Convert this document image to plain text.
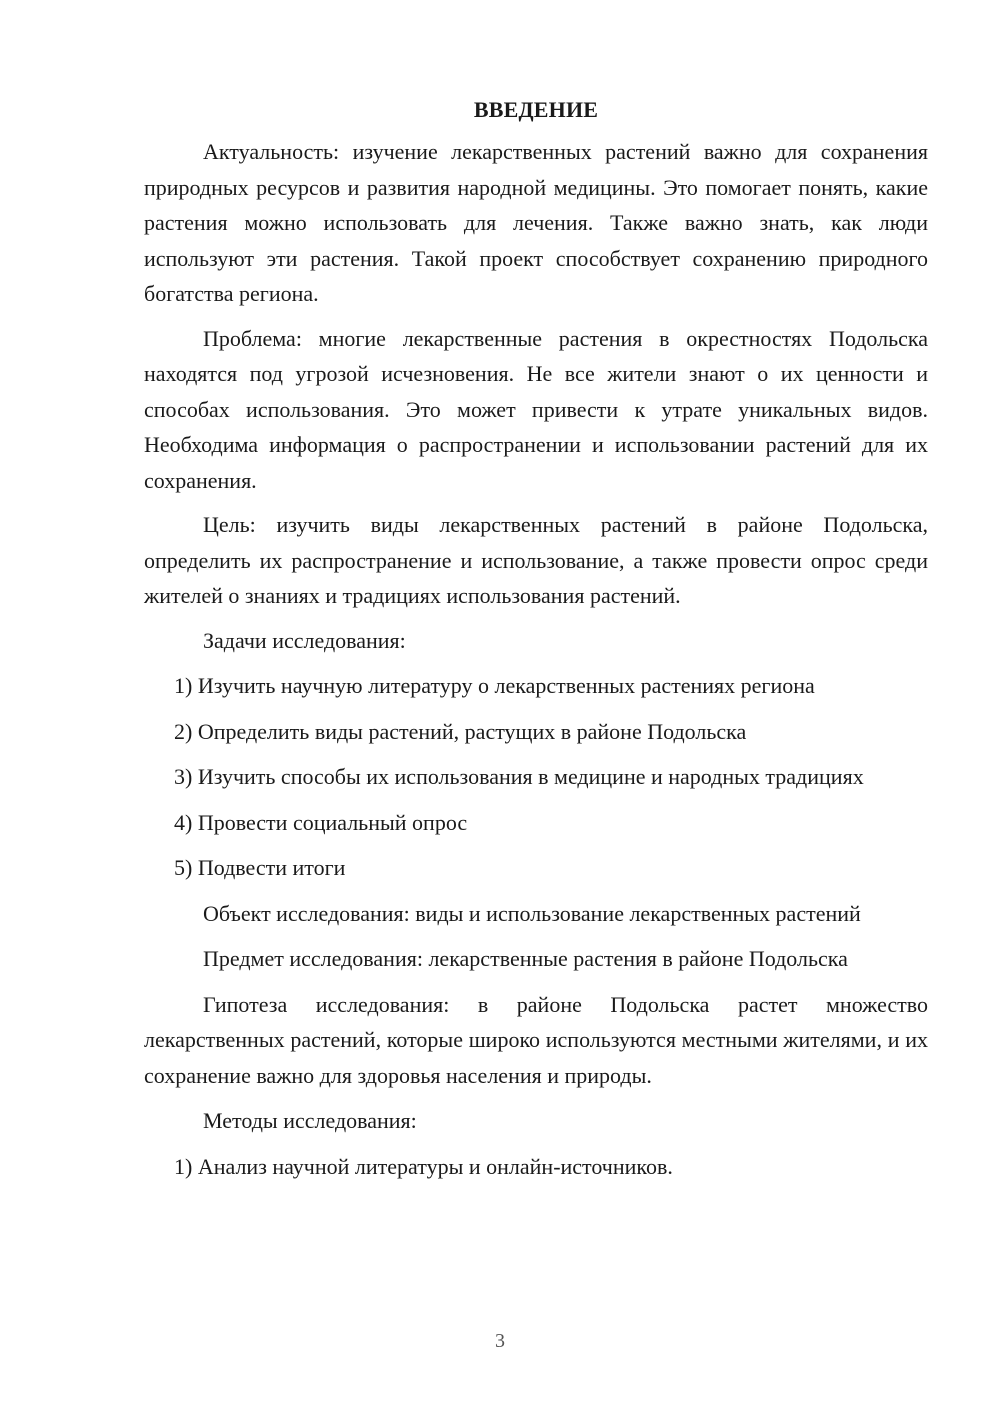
ВВЕДЕНИЕ

Актуальность: изучение лекарственных растений важно для сохранения природных ресурсов и развития народной медицины. Это помогает понять, какие растения можно использовать для лечения. Также важно знать, как люди используют эти растения. Такой проект способствует сохранению природного богатства региона.

Проблема: многие лекарственные растения в окрестностях Подольска находятся под угрозой исчезновения. Не все жители знают о их ценности и способах использования. Это может привести к утрате уникальных видов. Необходима информация о распространении и использовании растений для их сохранения.

Цель: изучить виды лекарственных растений в районе Подольска, определить их распространение и использование, а также провести опрос среди жителей о знаниях и традициях использования растений.

Задачи исследования:

1) Изучить научную литературу о лекарственных растениях региона

2) Определить виды растений, растущих в районе Подольска

3) Изучить способы их использования в медицине и народных традициях

4) Провести социальный опрос

5) Подвести итоги

Объект исследования: виды и использование лекарственных растений

Предмет исследования: лекарственные растения в районе Подольска

Гипотеза исследования: в районе Подольска растет множество лекарственных растений, которые широко используются местными жителями, и их сохранение важно для здоровья населения и природы.

Методы исследования:

1) Анализ научной литературы и онлайн-источников.

3
